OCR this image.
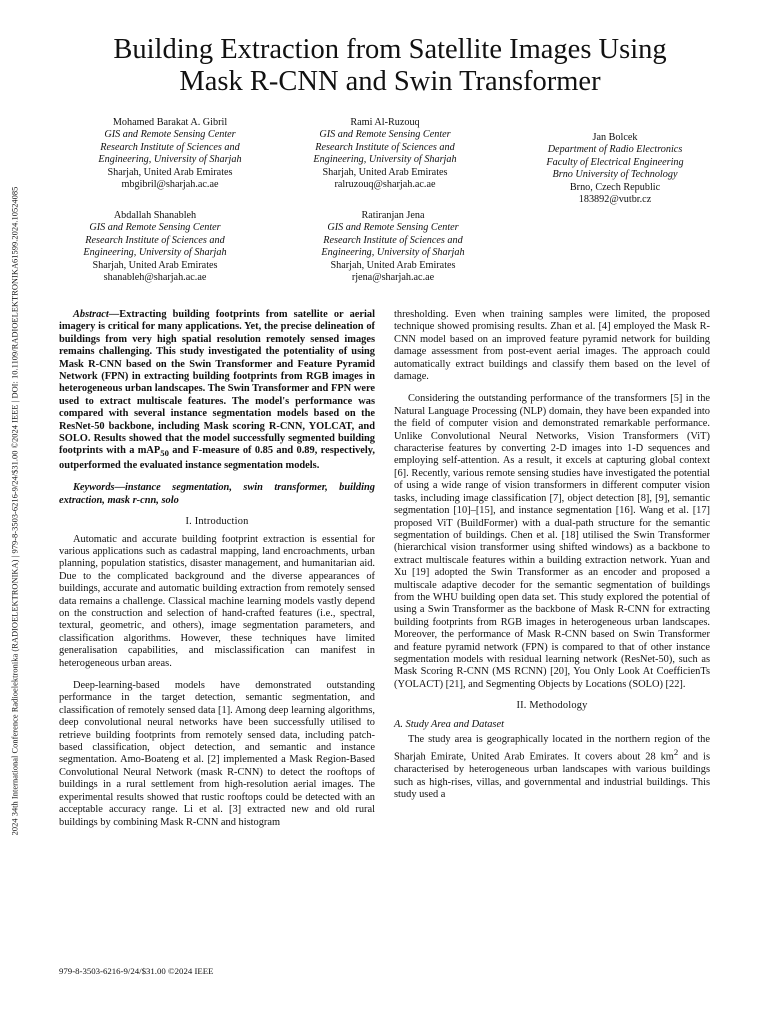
2024 34th International Conference Radioelektronika (RADIOELEKTRONIKA) | 979-8-3503-6216-9/24/$31.00 ©2024 IEEE | DOI: 10.1109/RADIOELEKTRONIKA61599.2024.10524085
Building Extraction from Satellite Images Using
Mask R-CNN and Swin Transformer
Mohamed Barakat A. Gibril
GIS and Remote Sensing Center
Research Institute of Sciences and
Engineering, University of Sharjah
Sharjah, United Arab Emirates
mbgibril@sharjah.ac.ae
Rami Al-Ruzouq
GIS and Remote Sensing Center
Research Institute of Sciences and
Engineering, University of Sharjah
Sharjah, United Arab Emirates
ralruzouq@sharjah.ac.ae
Jan Bolcek
Department of Radio Electronics
Faculty of Electrical Engineering
Brno University of Technology
Brno, Czech Republic
183892@vutbr.cz
Abdallah Shanableh
GIS and Remote Sensing Center
Research Institute of Sciences and
Engineering, University of Sharjah
Sharjah, United Arab Emirates
shanableh@sharjah.ac.ae
Ratiranjan Jena
GIS and Remote Sensing Center
Research Institute of Sciences and
Engineering, University of Sharjah
Sharjah, United Arab Emirates
rjena@sharjah.ac.ae

Abstract—Extracting building footprints from satellite or aerial imagery is critical for many applications. Yet, the precise delineation of buildings from very high spatial resolution remotely sensed images remains challenging. This study investigated the potentiality of using Mask R-CNN based on the Swin Transformer and Feature Pyramid Network (FPN) in extracting building footprints from RGB images in heterogeneous urban landscapes. The Swin Transformer and FPN were used to extract multiscale features. The model's performance was compared with several instance segmentation models based on the ResNet-50 backbone, including Mask scoring R-CNN, YOLCAT, and SOLO. Results showed that the model successfully segmented building footprints with a mAP$_{50}$ and F-measure of 0.85 and 0.89, respectively, outperformed the evaluated instance segmentation models.

Keywords—instance segmentation, swin transformer, building extraction, mask r-cnn, solo

I. Introduction

Automatic and accurate building footprint extraction is essential for various applications such as cadastral mapping, land encroachments, urban planning, population statistics, disaster management, and humanitarian aid. Due to the complicated background and the diverse appearances of buildings, accurate and automatic building extraction from remotely sensed data remains a challenge. Classical machine learning models vastly depend on the construction and selection of hand-crafted features (i.e., spectral, textural, geometric, and others), image segmentation parameters, and classification algorithms. However, these techniques have limited generalisation capabilities, and misclassification can manifest in heterogeneous urban areas.

Deep-learning-based models have demonstrated outstanding performance in the target detection, semantic segmentation, and classification of remotely sensed data [1]. Among deep learning algorithms, deep convolutional neural networks have been successfully utilised to retrieve building footprints from remotely sensed data, including patch-based classification, object detection, and semantic and instance segmentation. Amo-Boateng et al. [2] implemented a Mask Region-Based Convolutional Neural Network (mask R-CNN) to detect the rooftops of buildings in a rural settlement from high-resolution aerial images. The experimental results showed that rustic rooftops could be detected with an acceptable accuracy range. Li et al. [3] extracted new and old rural buildings by combining Mask R-CNN and histogram

thresholding. Even when training samples were limited, the proposed technique showed promising results. Zhan et al. [4] employed the Mask R-CNN model based on an improved feature pyramid network for building damage assessment from post-event aerial images. The approach could automatically extract buildings and classify them based on the level of damage.

Considering the outstanding performance of the transformers [5] in the Natural Language Processing (NLP) domain, they have been expanded into the field of computer vision and demonstrated remarkable performance. Unlike Convolutional Neural Networks, Vision Transformers (ViT) characterise features by converting 2-D images into 1-D sequences and employing self-attention. As a result, it excels at capturing global context [6]. Recently, various remote sensing studies have investigated the potential of using a wide range of vision transformers in different computer vision tasks, including image classification [7], object detection [8], [9], semantic segmentation [10]–[15], and instance segmentation [16]. Wang et al. [17] proposed ViT (BuildFormer) with a dual-path structure for the semantic segmentation of buildings. Chen et al. [18] utilised the Swin Transformer (hierarchical vision transformer using shifted windows) as a backbone to extract multiscale features within a building extraction network. Yuan and Xu [19] adopted the Swin Transformer as an encoder and proposed a multiscale adaptive decoder for the semantic segmentation of buildings from the WHU building open data set. This study explored the potential of using a Swin Transformer as the backbone of Mask R-CNN for extracting building footprints from RGB images in heterogeneous urban landscapes. Moreover, the performance of Mask R-CNN based on Swin Transformer and feature pyramid network (FPN) is compared to that of other instance segmentation models with residual learning network (ResNet-50), such as Mask Scoring R-CNN (MS RCNN) [20], You Only Look At CoefficienTs (YOLACT) [21], and Segmenting Objects by Locations (SOLO) [22].

II. Methodology
A. Study Area and Dataset

The study area is geographically located in the northern region of the Sharjah Emirate, United Arab Emirates. It covers about 28 $km^2$ and is characterised by heterogeneous urban landscapes with various buildings such as high-rises, villas, and governmental and industrial buildings. This study used a

979-8-3503-6216-9/24/$31.00 ©2024 IEEE
